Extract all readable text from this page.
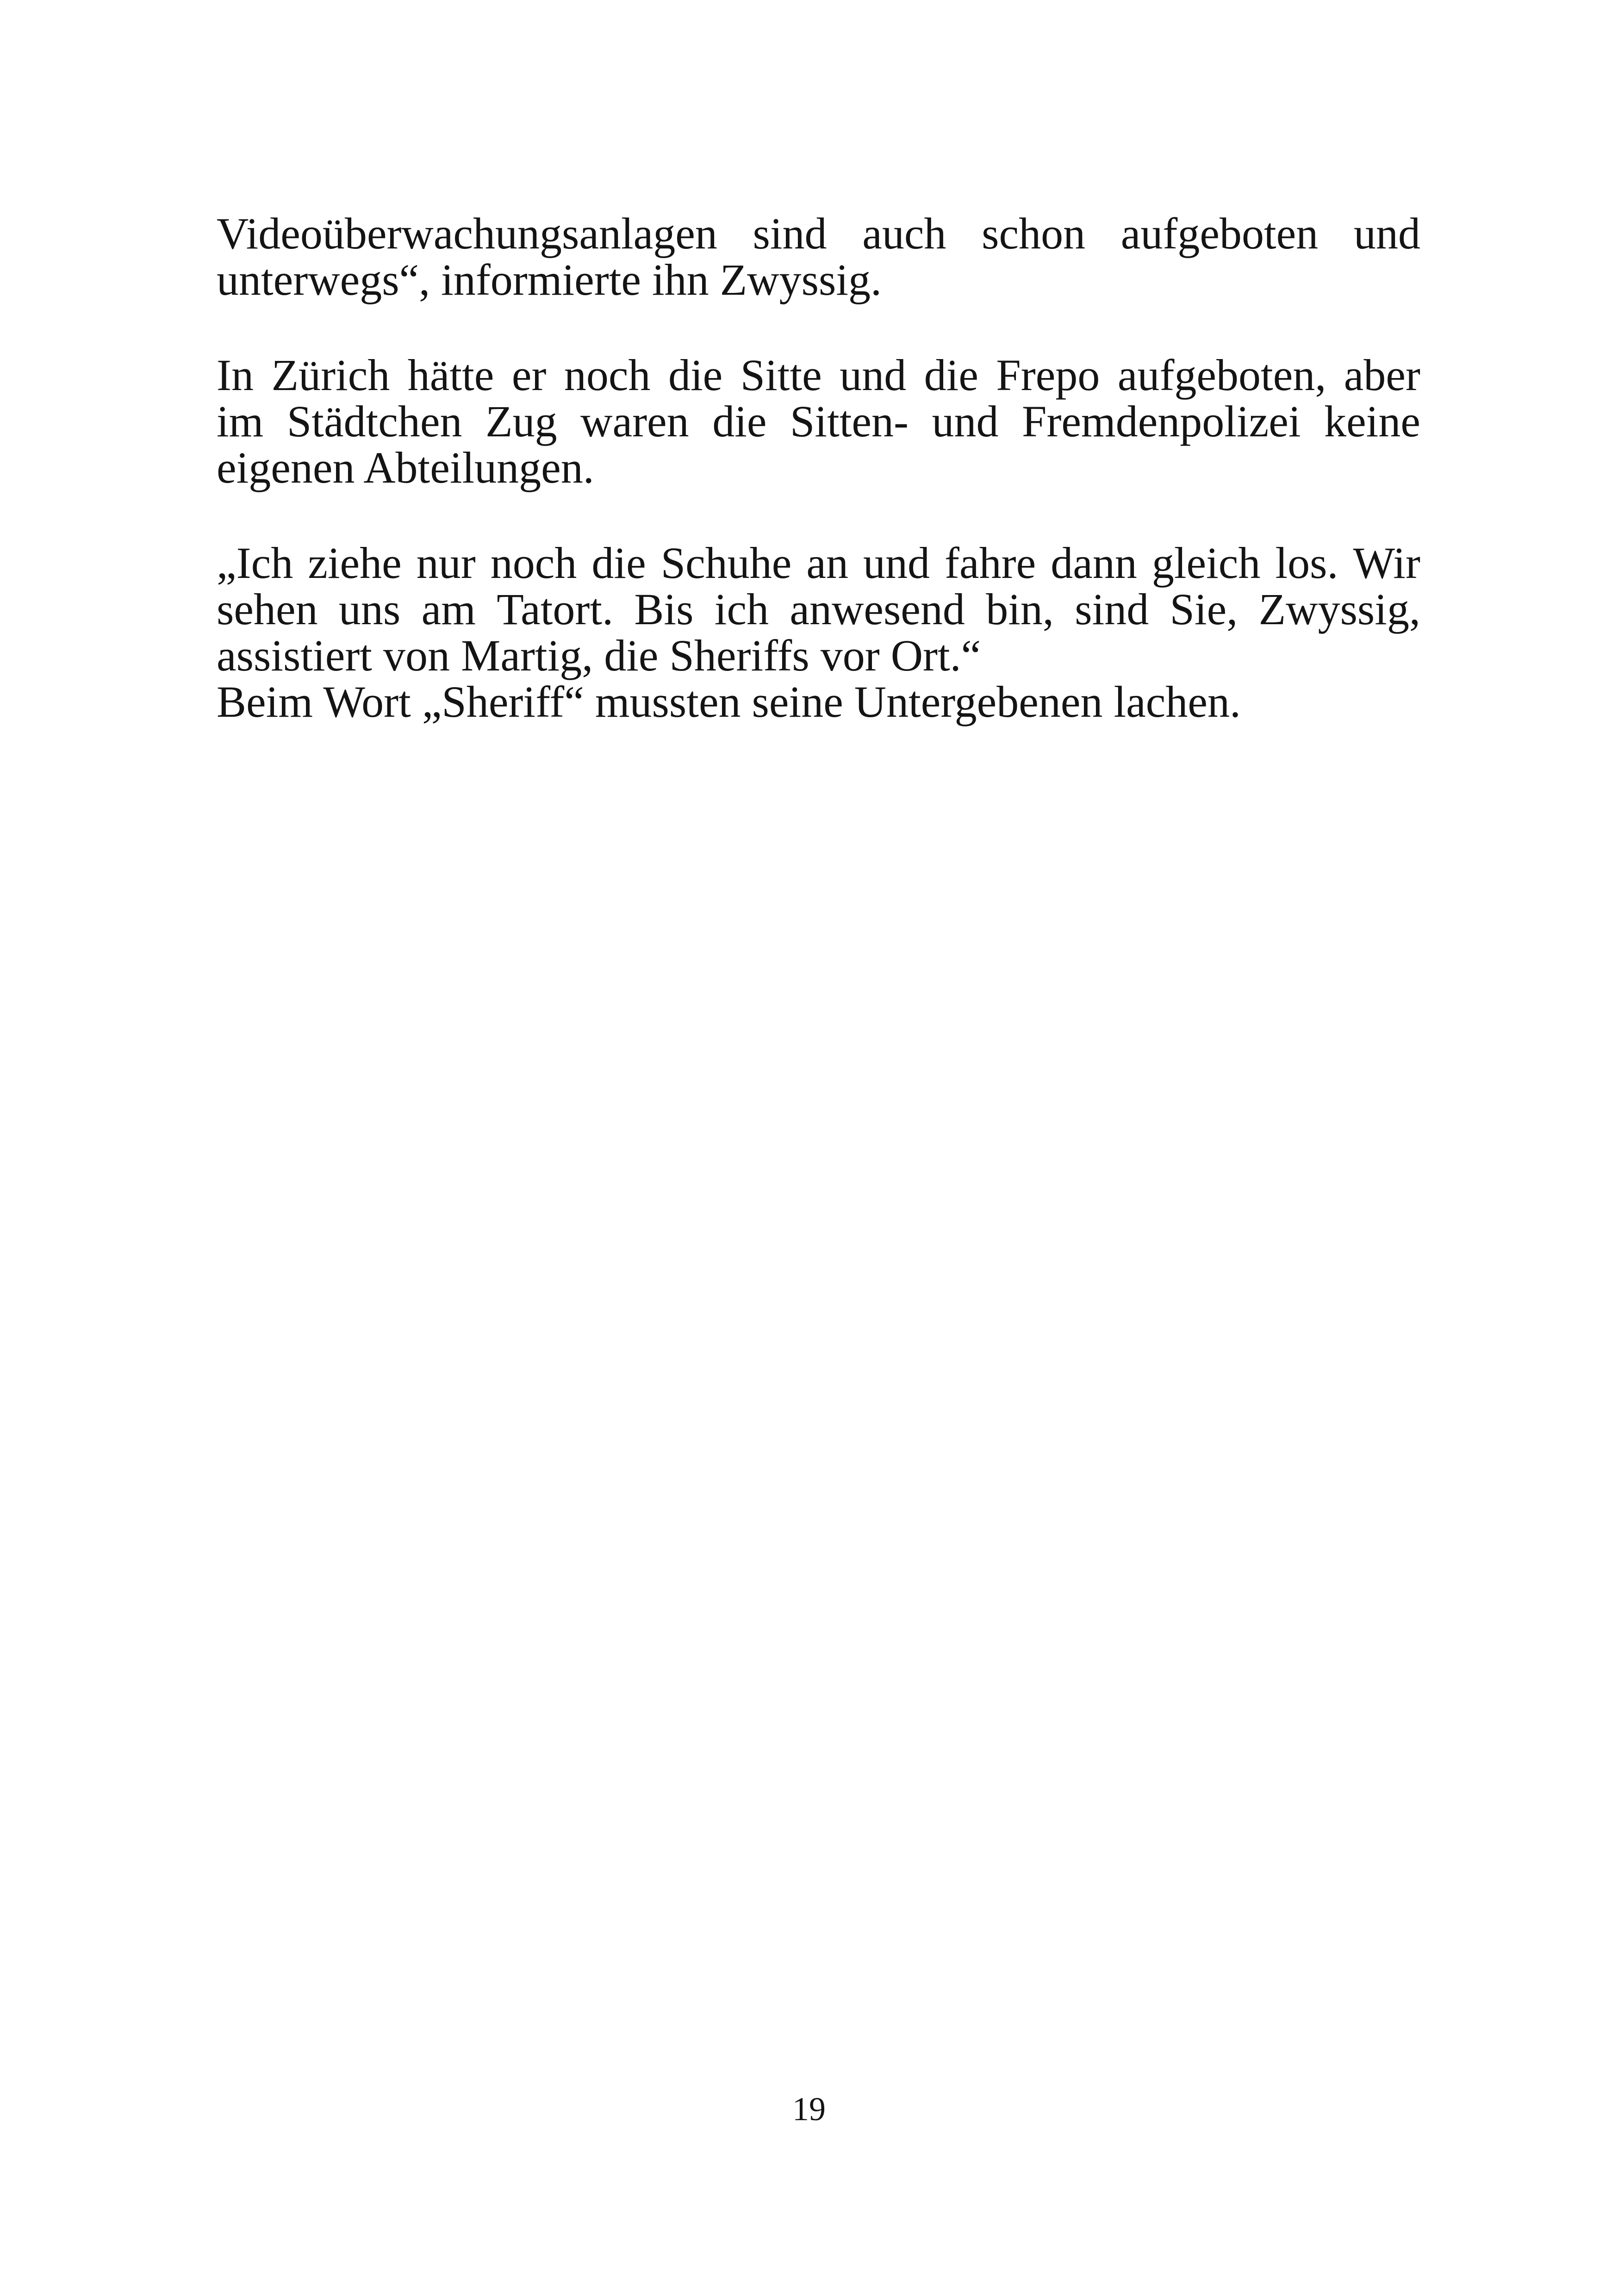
Videoüberwachungsanlagen sind auch schon aufgeboten und
unterwegs“, informierte ihn Zwyssig.
In Zürich hätte er noch die Sitte und die Frepo aufgeboten, aber
im Städtchen Zug waren die Sitten- und Fremdenpolizei keine
eigenen Abteilungen.
„Ich ziehe nur noch die Schuhe an und fahre dann gleich los. Wir
sehen uns am Tatort. Bis ich anwesend bin, sind Sie, Zwyssig,
assistiert von Martig, die Sheriffs vor Ort.“
Beim Wort „Sheriff“ mussten seine Untergebenen lachen.
19
